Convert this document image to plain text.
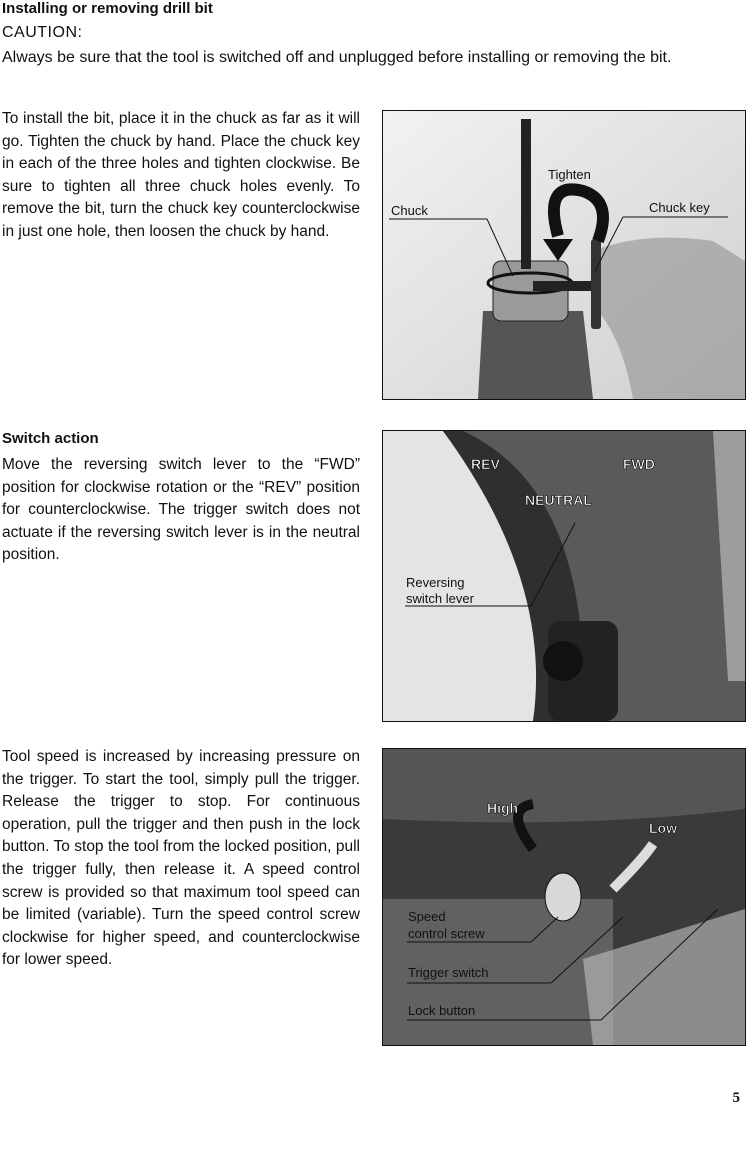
Installing or removing drill bit
CAUTION:
Always be sure that the tool is switched off and unplugged before installing or removing the bit.
To install the bit, place it in the chuck as far as it will go. Tighten the chuck by hand. Place the chuck key in each of the three holes and tighten clockwise. Be sure to tighten all three chuck holes evenly. To remove the bit, turn the chuck key counterclockwise in just one hole, then loosen the chuck by hand.
Tighten
Chuck	Chuck key
Switch action
Move the reversing switch lever to the “FWD” position for clockwise rotation or the “REV” position for counterclockwise. The trigger switch does not actuate if the reversing switch lever is in the neutral position.
REV	FWD
NEUTRAL
Reversing
switch lever
Tool speed is increased by increasing pressure on the trigger. To start the tool, simply pull the trigger. Release the trigger to stop. For continuous operation, pull the trigger and then push in the lock button. To stop the tool from the locked position, pull the trigger fully, then release it. A speed control screw is provided so that maximum tool speed can be limited (variable). Turn the speed control screw clockwise for higher speed, and counterclockwise for lower speed.
High
Low
Speed
control screw
Trigger switch
Lock button
5
